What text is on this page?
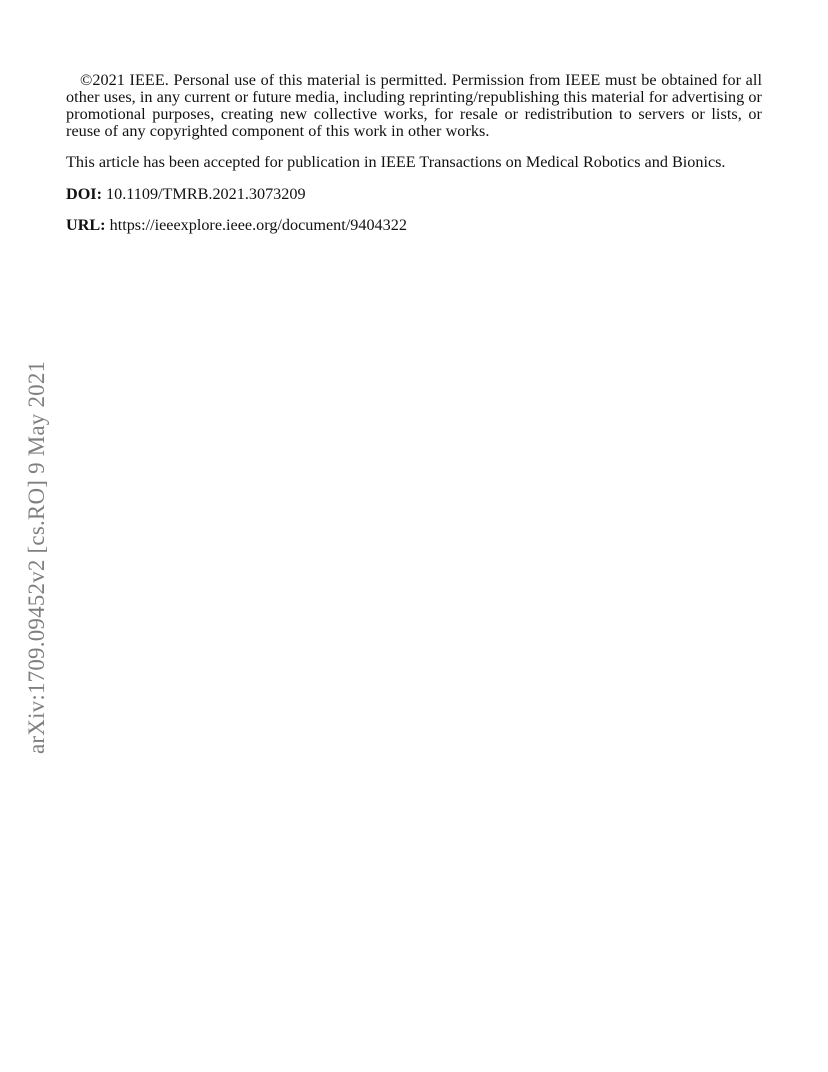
©2021 IEEE. Personal use of this material is permitted. Permission from IEEE must be obtained for all other uses, in any current or future media, including reprinting/republishing this material for advertising or promotional purposes, creating new collective works, for resale or redistribution to servers or lists, or reuse of any copyrighted component of this work in other works.

This article has been accepted for publication in IEEE Transactions on Medical Robotics and Bionics.

DOI: 10.1109/TMRB.2021.3073209

URL: https://ieeexplore.ieee.org/document/9404322

arXiv:1709.09452v2 [cs.RO] 9 May 2021
